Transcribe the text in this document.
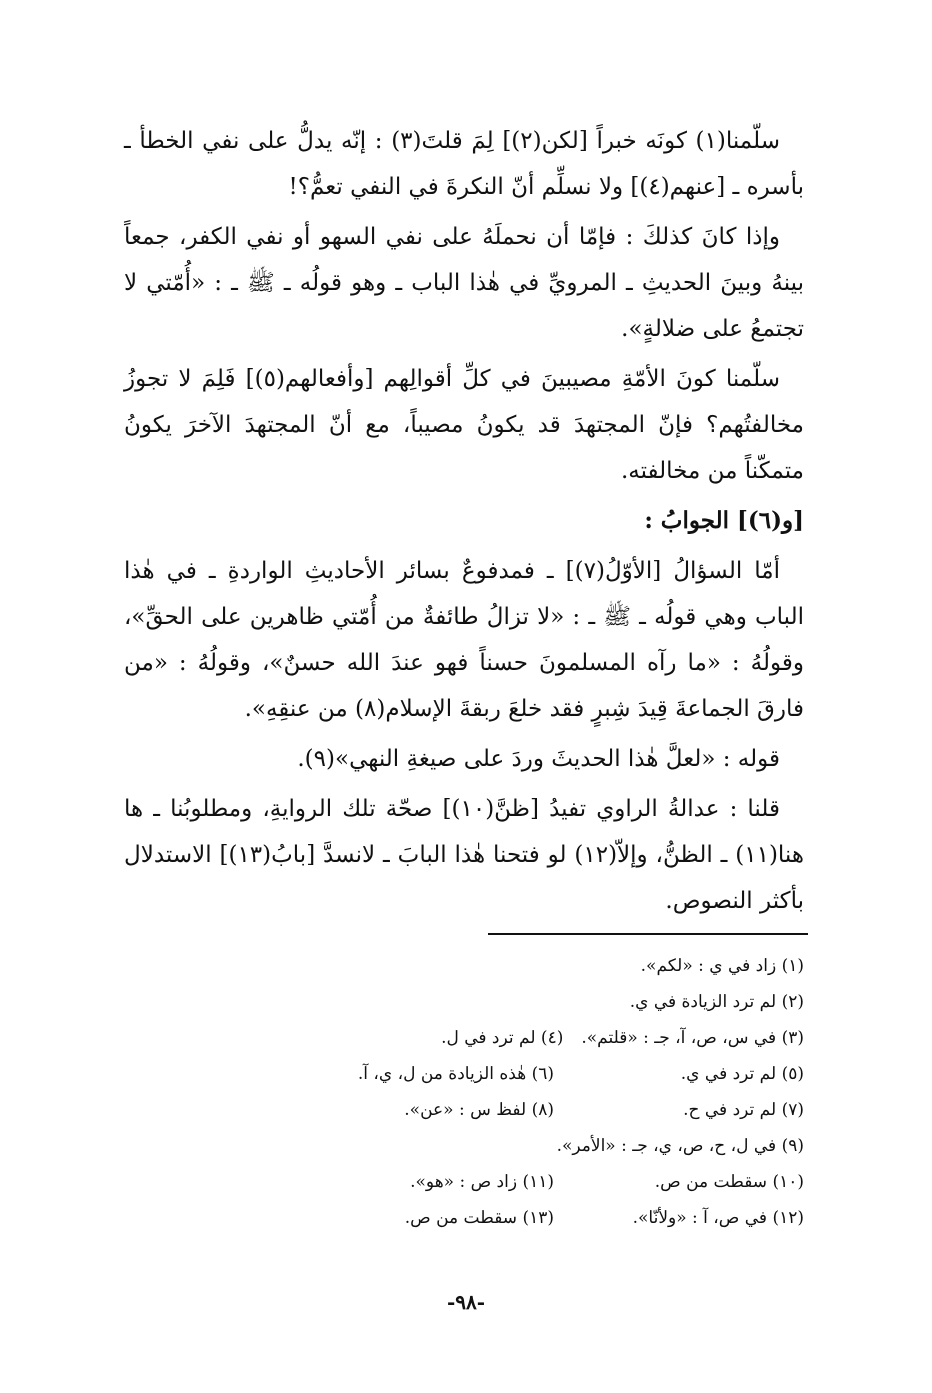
سلّمنا(١) كونَه خبراً [لكن(٢)] لِمَ قلتَ(٣) : إنّه يدلُّ على نفي الخطأ ـ بأسره ـ [عنهم(٤)] ولا نسلِّم أنّ النكرةَ في النفي تعمُّ؟!

وإذا كانَ كذلكَ : فإمّا أن نحملَهُ على نفي السهو أو نفي الكفر، جمعاً بينهُ وبينَ الحديثِ ـ المرويِّ في هٰذا الباب ـ وهو قولُه ـ ﷺ ـ : «أُمّتي لا تجتمعُ على ضلالةٍ».

سلّمنا كونَ الأمّةِ مصيبينَ في كلِّ أقوالِهم [وأفعالهم(٥)] فَلِمَ لا تجوزُ مخالفتُهم؟ فإنّ المجتهدَ قد يكونُ مصيباً، مع أنّ المجتهدَ الآخرَ يكونُ متمكّناً من مخالفته.

[و(٦)] الجوابُ :

أمّا السؤالُ [الأوّلُ(٧)] ـ فمدفوعٌ بسائر الأحاديثِ الواردةِ ـ في هٰذا الباب وهي قولُه ـ ﷺ ـ : «لا تزالُ طائفةٌ من أُمّتي ظاهرين على الحقِّ»، وقولُهُ : «ما رآه المسلمونَ حسناً فهو عندَ الله حسنٌ»، وقولُهُ : «من فارقَ الجماعةَ قِيدَ شِبرٍ فقد خلعَ ربقةَ الإسلام(٨) من عنقِهِ».

قوله : «لعلَّ هٰذا الحديثَ وردَ على صيغةِ النهي»(٩).

قلنا : عدالةُ الراوي تفيدُ [ظنَّ(١٠)] صحّة تلك الروايةِ، ومطلوبُنا ـ ها هنا(١١) ـ الظنُّ، وإلاّ(١٢) لو فتحنا هٰذا البابَ ـ لانسدَّ [بابُ(١٣)] الاستدلال بأكثر النصوص.

(١) زاد في ي : «لكم».
(٢) لم ترد الزيادة في ي.
(٣) في س، ص، آ، جـ : «قلتم».
(٤) لم ترد في ل.
(٥) لم ترد في ي.
(٦) هٰذه الزيادة من ل، ي، آ.
(٧) لم ترد في ح.
(٨) لفظ س : «عن».
(٩) في ل، ح، ص، ي، جـ : «الأمر».
(١٠) سقطت من ص.
(١١) زاد ص : «هو».
(١٢) في ص، آ : «ولأنّا».
(١٣) سقطت من ص.
-٩٨-
